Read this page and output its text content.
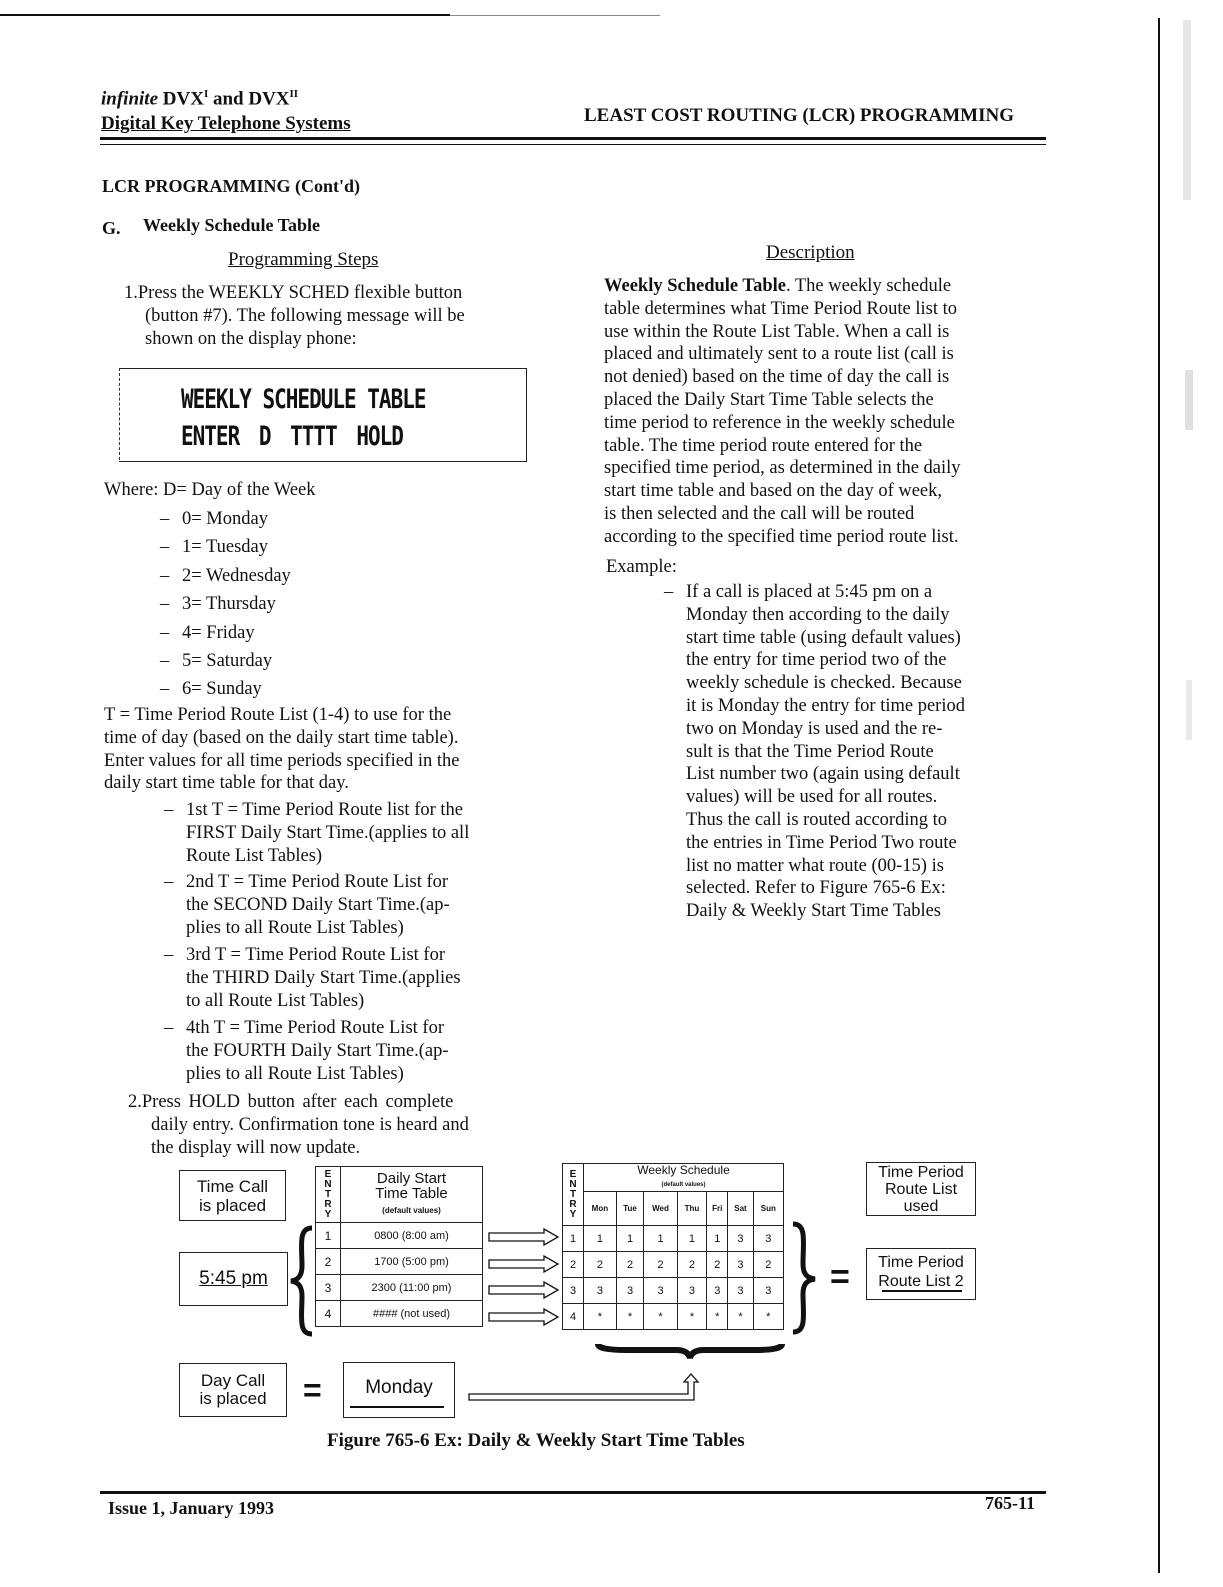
infinite $DVX^I$ and $DVX^{II}$
Digital Key Telephone Systems	LEAST COST ROUTING (LCR) PROGRAMMING
LCR PROGRAMMING (Cont'd)
G. Weekly Schedule Table
Programming Steps
1.Press the WEEKLY SCHED flexible button
(button #7). The following message will be
shown on the display phone:
WEEKLY SCHEDULE TABLE
ENTER D TTTT HOLD
Where: D= Day of the Week
– 0= Monday
– 1= Tuesday
– 2= Wednesday
– 3= Thursday
– 4= Friday
– 5= Saturday
– 6= Sunday
T = Time Period Route List (1-4) to use for the
time of day (based on the daily start time table).
Enter values for all time periods specified in the
daily start time table for that day.
– 1st T = Time Period Route list for the
FIRST Daily Start Time.(applies to all
Route List Tables)
– 2nd T = Time Period Route List for
the SECOND Daily Start Time.(ap-
plies to all Route List Tables)
– 3rd T = Time Period Route List for
the THIRD Daily Start Time.(applies
to all Route List Tables)
– 4th T = Time Period Route List for
the FOURTH Daily Start Time.(ap-
plies to all Route List Tables)
2.Press HOLD button after each complete
daily entry. Confirmation tone is heard and
the display will now update.
Description
Weekly Schedule Table. The weekly schedule
table determines what Time Period Route list to
use within the Route List Table. When a call is
placed and ultimately sent to a route list (call is
not denied) based on the time of day the call is
placed the Daily Start Time Table selects the
time period to reference in the weekly schedule
table. The time period route entered for the
specified time period, as determined in the daily
start time table and based on the day of week,
is then selected and the call will be routed
according to the specified time period route list.
Example:
– If a call is placed at 5:45 pm on a
Monday then according to the daily
start time table (using default values)
the entry for time period two of the
weekly schedule is checked. Because
it is Monday the entry for time period
two on Monday is used and the re-
sult is that the Time Period Route
List number two (again using default
values) will be used for all routes.
Thus the call is routed according to
the entries in Time Period Two route
list no matter what route (00-15) is
selected. Refer to Figure 765-6 Ex:
Daily & Weekly Start Time Tables
Time Call
is placed
5:45 pm
ENTRY	Daily Start
Time Table
(default values)
1	0800 (8:00 am)
2	1700 (5:00 pm)
3	2300 (11:00 pm)
4	#### (not used)
ENTRY	Weekly Schedule
(default values)						
	Mon	Tue	Wed	Thu	Fri	Sat	Sun
1	1	1	1	1	1	3	3
2	2	2	2	2	2	3	2
3	3	3	3	3	3	3	3
4	*	*	*	*	*	*	*
=
Time Period
Route List
used
Time Period
Route List 2
Day Call
is placed	=	Monday
Figure 765-6 Ex: Daily & Weekly Start Time Tables
Issue 1, January 1993	765-11
